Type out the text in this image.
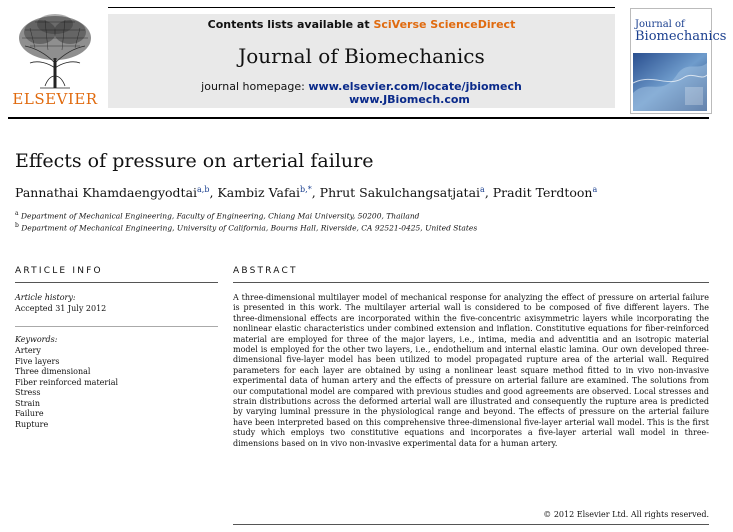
Contents lists available at SciVerse ScienceDirect
Journal of Biomechanics
journal homepage: www.elsevier.com/locate/jbiomech
www.JBiomech.com
ELSEVIER
Journal of
Biomechanics
Effects of pressure on arterial failure
Pannathai Khamdaengyodtai$^{a,b}$, Kambiz Vafai$^{b,*}$, Phrut Sakulchangsatjatai$^a$, Pradit Terdtoon$^a$
$^a$ Department of Mechanical Engineering, Faculty of Engineering, Chiang Mai University, 50200, Thailand
$^b$ Department of Mechanical Engineering, University of California, Bourns Hall, Riverside, CA 92521-0425, United States
ARTICLE INFO
Article history:
Accepted 31 July 2012
Keywords:
Artery
Five layers
Three dimensional
Fiber reinforced material
Stress
Strain
Failure
Rupture
ABSTRACT
A three-dimensional multilayer model of mechanical response for analyzing the effect of pressure on arterial failure is presented in this work. The multilayer arterial wall is considered to be composed of five different layers. The three-dimensional effects are incorporated within the five-concentric axisymmetric layers while incorporating the nonlinear elastic characteristics under combined extension and inflation. Constitutive equations for fiber-reinforced material are employed for three of the major layers, i.e., intima, media and adventitia and an isotropic material model is employed for the other two layers, i.e., endothelium and internal elastic lamina. Our own developed three-dimensional five-layer model has been utilized to model propagated rupture area of the arterial wall. Required parameters for each layer are obtained by using a nonlinear least square method fitted to in vivo non-invasive experimental data of human artery and the effects of pressure on arterial failure are examined. The solutions from our computational model are compared with previous studies and good agreements are observed. Local stresses and strain distributions across the deformed arterial wall are illustrated and consequently the rupture area is predicted by varying luminal pressure in the physiological range and beyond. The effects of pressure on the arterial failure have been interpreted based on this comprehensive three-dimensional five-layer arterial wall model. This is the first study which employs two constitutive equations and incorporates a five-layer arterial wall model in three-dimensions based on in vivo non-invasive experimental data for a human artery.
© 2012 Elsevier Ltd. All rights reserved.
